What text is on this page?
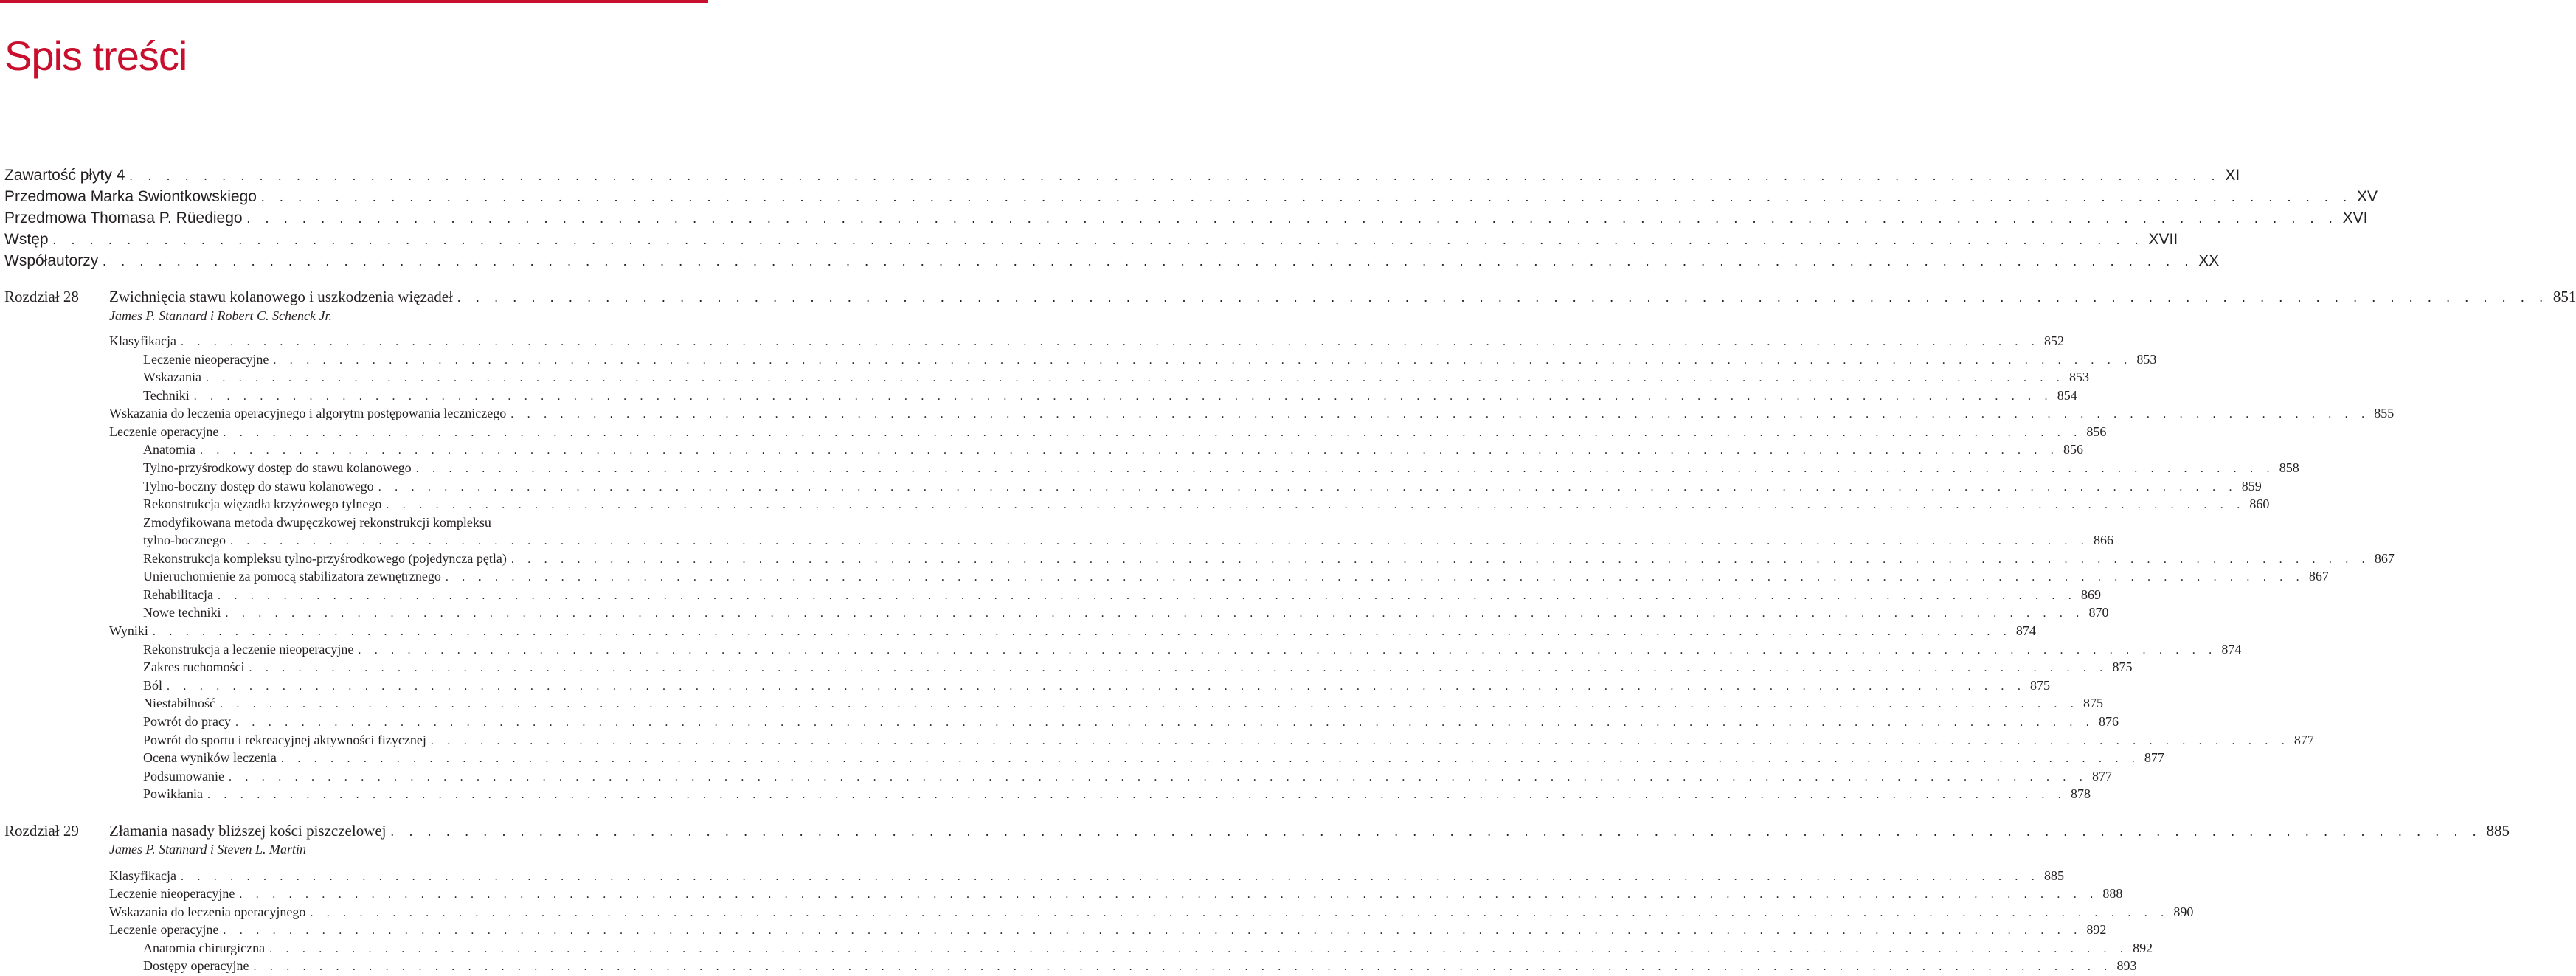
Spis treści
Zawartość płyty 4 . . . . . . . . . . . . . . . . . . . . . . . . . . . . . . . . . . . . . . . . . . . . . . . . . . . . . . . . . . . . . . . . . . . . . . . . . . . . . . . . . . . . . . . . . . . . . . . . . . . . . . . . . . . . . . . . . XI
Przedmowa Marka Swiontkowskiego . . . . . . . . . . . . . . . . . . . . . . . . . . . . . . . . . . . . . . . . . . . . . . . . . . . . . . . . . . . . . . . . . . . . . . . . . . . . . . . . . . . . . . . . . . . . . . . . . . . . . . . . . . . . . . . . . XV
Przedmowa Thomasa P. Rüediego . . . . . . . . . . . . . . . . . . . . . . . . . . . . . . . . . . . . . . . . . . . . . . . . . . . . . . . . . . . . . . . . . . . . . . . . . . . . . . . . . . . . . . . . . . . . . . . . . . . . . . . . . . . . . . . . . XVI
Wstęp . . . . . . . . . . . . . . . . . . . . . . . . . . . . . . . . . . . . . . . . . . . . . . . . . . . . . . . . . . . . . . . . . . . . . . . . . . . . . . . . . . . . . . . . . . . . . . . . . . . . . . . . . . . . . . . . . XVII
Współautorzy . . . . . . . . . . . . . . . . . . . . . . . . . . . . . . . . . . . . . . . . . . . . . . . . . . . . . . . . . . . . . . . . . . . . . . . . . . . . . . . . . . . . . . . . . . . . . . . . . . . . . . . . . . . . . . . . . XX
Rozdział 28 Zwichnięcia stawu kolanowego i uszkodzenia więzadeł . . . . . . . . . . . . . . . . . . . . . . . . . . . . . . . . . . . . . . . . . . . . . . . . . . . . . . . . . . . . . . . . . . . . . . . . . . . . . . . . . . . . . . . . . . . . . . . . . . . . . . . . . . . . . . . . . 851
James P. Stannard i Robert C. Schenck Jr.
Klasyfikacja . . . . . . . . . . . . . . . . . . . . . . . . . . . . . . . . . . . . . . . . . . . . . . . . . . . . . . . . . . . . . . . . . . . . . . . . . . . . . . . . . . . . . . . . . . . . . . . . . . . . . . . . . . . . . . . . . 852
Leczenie nieoperacyjne . . . . . . . . . . . . . . . . . . . . . . . . . . . . . . . . . . . . . . . . . . . . . . . . . . . . . . . . . . . . . . . . . . . . . . . . . . . . . . . . . . . . . . . . . . . . . . . . . . . . . . . . . . . . . . . . . 853
Wskazania . . . . . . . . . . . . . . . . . . . . . . . . . . . . . . . . . . . . . . . . . . . . . . . . . . . . . . . . . . . . . . . . . . . . . . . . . . . . . . . . . . . . . . . . . . . . . . . . . . . . . . . . . . . . . . . . . 853
Techniki . . . . . . . . . . . . . . . . . . . . . . . . . . . . . . . . . . . . . . . . . . . . . . . . . . . . . . . . . . . . . . . . . . . . . . . . . . . . . . . . . . . . . . . . . . . . . . . . . . . . . . . . . . . . . . . . . 854
Wskazania do leczenia operacyjnego i algorytm postępowania leczniczego . . . . . . . . . . . . . . . . . . . . . . . . . . . . . . . . . . . . . . . . . . . . . . . . . . . . . . . . . . . . . . . . . . . . . . . . . . . . . . . . . . . . . . . . . . . . . . . . . . . . . . . . . . . . . . . . . 855
Leczenie operacyjne . . . . . . . . . . . . . . . . . . . . . . . . . . . . . . . . . . . . . . . . . . . . . . . . . . . . . . . . . . . . . . . . . . . . . . . . . . . . . . . . . . . . . . . . . . . . . . . . . . . . . . . . . . . . . . . . . 856
Anatomia . . . . . . . . . . . . . . . . . . . . . . . . . . . . . . . . . . . . . . . . . . . . . . . . . . . . . . . . . . . . . . . . . . . . . . . . . . . . . . . . . . . . . . . . . . . . . . . . . . . . . . . . . . . . . . . . . 856
Tylno-przyśrodkowy dostęp do stawu kolanowego . . . . . . . . . . . . . . . . . . . . . . . . . . . . . . . . . . . . . . . . . . . . . . . . . . . . . . . . . . . . . . . . . . . . . . . . . . . . . . . . . . . . . . . . . . . . . . . . . . . . . . . . . . . . . . . . . 858
Tylno-boczny dostęp do stawu kolanowego . . . . . . . . . . . . . . . . . . . . . . . . . . . . . . . . . . . . . . . . . . . . . . . . . . . . . . . . . . . . . . . . . . . . . . . . . . . . . . . . . . . . . . . . . . . . . . . . . . . . . . . . . . . . . . . . . 859
Rekonstrukcja więzadła krzyżowego tylnego . . . . . . . . . . . . . . . . . . . . . . . . . . . . . . . . . . . . . . . . . . . . . . . . . . . . . . . . . . . . . . . . . . . . . . . . . . . . . . . . . . . . . . . . . . . . . . . . . . . . . . . . . . . . . . . . . 860
Zmodyfikowana metoda dwupęczkowej rekonstrukcji kompleksu
tylno-bocznego . . . . . . . . . . . . . . . . . . . . . . . . . . . . . . . . . . . . . . . . . . . . . . . . . . . . . . . . . . . . . . . . . . . . . . . . . . . . . . . . . . . . . . . . . . . . . . . . . . . . . . . . . . . . . . . . . 866
Rekonstrukcja kompleksu tylno-przyśrodkowego (pojedyncza pętla) . . . . . . . . . . . . . . . . . . . . . . . . . . . . . . . . . . . . . . . . . . . . . . . . . . . . . . . . . . . . . . . . . . . . . . . . . . . . . . . . . . . . . . . . . . . . . . . . . . . . . . . . . . . . . . . . . 867
Unieruchomienie za pomocą stabilizatora zewnętrznego . . . . . . . . . . . . . . . . . . . . . . . . . . . . . . . . . . . . . . . . . . . . . . . . . . . . . . . . . . . . . . . . . . . . . . . . . . . . . . . . . . . . . . . . . . . . . . . . . . . . . . . . . . . . . . . . . 867
Rehabilitacja . . . . . . . . . . . . . . . . . . . . . . . . . . . . . . . . . . . . . . . . . . . . . . . . . . . . . . . . . . . . . . . . . . . . . . . . . . . . . . . . . . . . . . . . . . . . . . . . . . . . . . . . . . . . . . . . . 869
Nowe techniki . . . . . . . . . . . . . . . . . . . . . . . . . . . . . . . . . . . . . . . . . . . . . . . . . . . . . . . . . . . . . . . . . . . . . . . . . . . . . . . . . . . . . . . . . . . . . . . . . . . . . . . . . . . . . . . . . 870
Wyniki . . . . . . . . . . . . . . . . . . . . . . . . . . . . . . . . . . . . . . . . . . . . . . . . . . . . . . . . . . . . . . . . . . . . . . . . . . . . . . . . . . . . . . . . . . . . . . . . . . . . . . . . . . . . . . . . . 874
Rekonstrukcja a leczenie nieoperacyjne . . . . . . . . . . . . . . . . . . . . . . . . . . . . . . . . . . . . . . . . . . . . . . . . . . . . . . . . . . . . . . . . . . . . . . . . . . . . . . . . . . . . . . . . . . . . . . . . . . . . . . . . . . . . . . . . . 874
Zakres ruchomości . . . . . . . . . . . . . . . . . . . . . . . . . . . . . . . . . . . . . . . . . . . . . . . . . . . . . . . . . . . . . . . . . . . . . . . . . . . . . . . . . . . . . . . . . . . . . . . . . . . . . . . . . . . . . . . . . 875
Ból . . . . . . . . . . . . . . . . . . . . . . . . . . . . . . . . . . . . . . . . . . . . . . . . . . . . . . . . . . . . . . . . . . . . . . . . . . . . . . . . . . . . . . . . . . . . . . . . . . . . . . . . . . . . . . . . . 875
Niestabilność . . . . . . . . . . . . . . . . . . . . . . . . . . . . . . . . . . . . . . . . . . . . . . . . . . . . . . . . . . . . . . . . . . . . . . . . . . . . . . . . . . . . . . . . . . . . . . . . . . . . . . . . . . . . . . . . . 875
Powrót do pracy . . . . . . . . . . . . . . . . . . . . . . . . . . . . . . . . . . . . . . . . . . . . . . . . . . . . . . . . . . . . . . . . . . . . . . . . . . . . . . . . . . . . . . . . . . . . . . . . . . . . . . . . . . . . . . . . . 876
Powrót do sportu i rekreacyjnej aktywności fizycznej . . . . . . . . . . . . . . . . . . . . . . . . . . . . . . . . . . . . . . . . . . . . . . . . . . . . . . . . . . . . . . . . . . . . . . . . . . . . . . . . . . . . . . . . . . . . . . . . . . . . . . . . . . . . . . . . . 877
Ocena wyników leczenia . . . . . . . . . . . . . . . . . . . . . . . . . . . . . . . . . . . . . . . . . . . . . . . . . . . . . . . . . . . . . . . . . . . . . . . . . . . . . . . . . . . . . . . . . . . . . . . . . . . . . . . . . . . . . . . . . 877
Podsumowanie . . . . . . . . . . . . . . . . . . . . . . . . . . . . . . . . . . . . . . . . . . . . . . . . . . . . . . . . . . . . . . . . . . . . . . . . . . . . . . . . . . . . . . . . . . . . . . . . . . . . . . . . . . . . . . . . . 877
Powikłania . . . . . . . . . . . . . . . . . . . . . . . . . . . . . . . . . . . . . . . . . . . . . . . . . . . . . . . . . . . . . . . . . . . . . . . . . . . . . . . . . . . . . . . . . . . . . . . . . . . . . . . . . . . . . . . . . 878
Rozdział 29 Złamania nasady bliższej kości piszczelowej . . . . . . . . . . . . . . . . . . . . . . . . . . . . . . . . . . . . . . . . . . . . . . . . . . . . . . . . . . . . . . . . . . . . . . . . . . . . . . . . . . . . . . . . . . . . . . . . . . . . . . . . . . . . . . . . . 885
James P. Stannard i Steven L. Martin
Klasyfikacja . . . . . . . . . . . . . . . . . . . . . . . . . . . . . . . . . . . . . . . . . . . . . . . . . . . . . . . . . . . . . . . . . . . . . . . . . . . . . . . . . . . . . . . . . . . . . . . . . . . . . . . . . . . . . . . . . 885
Leczenie nieoperacyjne . . . . . . . . . . . . . . . . . . . . . . . . . . . . . . . . . . . . . . . . . . . . . . . . . . . . . . . . . . . . . . . . . . . . . . . . . . . . . . . . . . . . . . . . . . . . . . . . . . . . . . . . . . . . . . . . . 888
Wskazania do leczenia operacyjnego . . . . . . . . . . . . . . . . . . . . . . . . . . . . . . . . . . . . . . . . . . . . . . . . . . . . . . . . . . . . . . . . . . . . . . . . . . . . . . . . . . . . . . . . . . . . . . . . . . . . . . . . . . . . . . . . . 890
Leczenie operacyjne . . . . . . . . . . . . . . . . . . . . . . . . . . . . . . . . . . . . . . . . . . . . . . . . . . . . . . . . . . . . . . . . . . . . . . . . . . . . . . . . . . . . . . . . . . . . . . . . . . . . . . . . . . . . . . . . . 892
Anatomia chirurgiczna . . . . . . . . . . . . . . . . . . . . . . . . . . . . . . . . . . . . . . . . . . . . . . . . . . . . . . . . . . . . . . . . . . . . . . . . . . . . . . . . . . . . . . . . . . . . . . . . . . . . . . . . . . . . . . . . . 892
Dostępy operacyjne . . . . . . . . . . . . . . . . . . . . . . . . . . . . . . . . . . . . . . . . . . . . . . . . . . . . . . . . . . . . . . . . . . . . . . . . . . . . . . . . . . . . . . . . . . . . . . . . . . . . . . . . . . . . . . . . . 893
